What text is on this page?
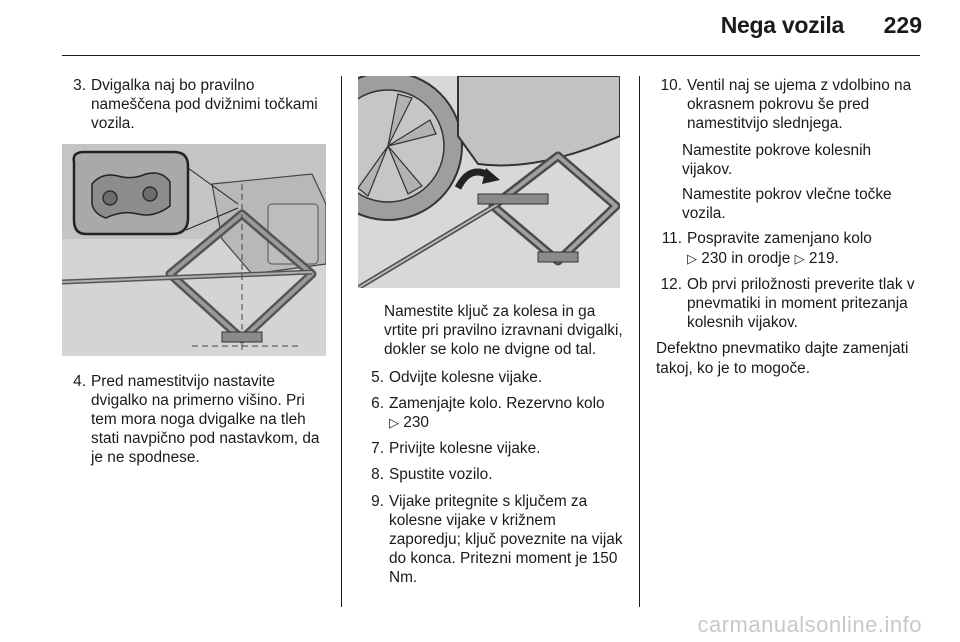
Nega vozila 229
3. Dvigalka naj bo pravilno nameščena pod dvižnimi točkami vozila.
4. Pred namestitvijo nastavite dvigalko na primerno višino. Pri tem mora noga dvigalke na tleh stati navpično pod nastavkom, da je ne spodnese.

Namestite ključ za kolesa in ga vrtite pri pravilno izravnani dvigalki, dokler se kolo ne dvigne od tal.

5. Odvijte kolesne vijake.
6. Zamenjajte kolo. Rezervno kolo
▷ 230
7. Privijte kolesne vijake.
8. Spustite vozilo.
9. Vijake pritegnite s ključem za kolesne vijake v križnem zaporedju; ključ poveznite na vijak do konca. Pritezni moment je 150 Nm.
10. Ventil naj se ujema z vdolbino na okrasnem pokrovu še pred namestitvijo slednjega.

Namestite pokrove kolesnih vijakov.

Namestite pokrov vlečne točke vozila.

11. Pospravite zamenjano kolo
▷ 230 in orodje ▷ 219.
12. Ob prvi priložnosti preverite tlak v pnevmatiki in moment pritezanja kolesnih vijakov.

Defektno pnevmatiko dajte zamenjati takoj, ko je to mogoče.

carmanualsonline.info
